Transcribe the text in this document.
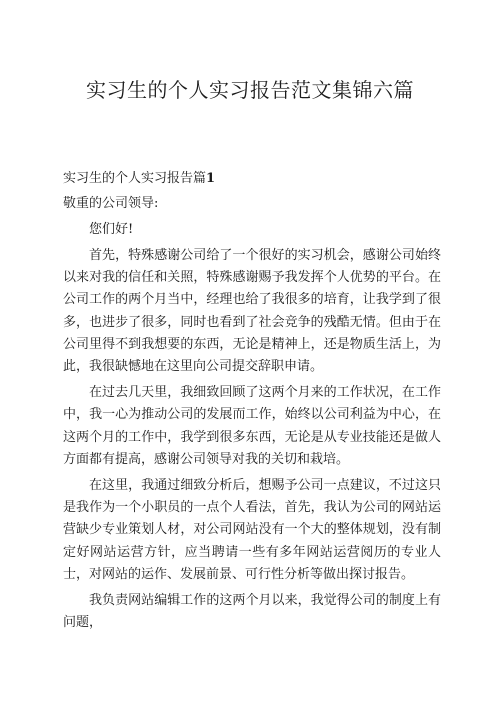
实习生的个人实习报告范文集锦六篇

实习生的个人实习报告篇1

敬重的公司领导:

您们好!

首先，特殊感谢公司给了一个很好的实习机会，感谢公司始终以来对我的信任和关照，特殊感谢赐予我发挥个人优势的平台。在公司工作的两个月当中，经理也给了我很多的培育，让我学到了很多，也进步了很多，同时也看到了社会竞争的残酷无情。但由于在公司里得不到我想要的东西，无论是精神上，还是物质生活上，为此，我很缺憾地在这里向公司提交辞职申请。

在过去几天里，我细致回顾了这两个月来的工作状况，在工作中，我一心为推动公司的发展而工作，始终以公司利益为中心，在这两个月的工作中，我学到很多东西，无论是从专业技能还是做人方面都有提高，感谢公司领导对我的关切和栽培。

在这里，我通过细致分析后，想赐予公司一点建议，不过这只是我作为一个小职员的一点个人看法，首先，我认为公司的网站运营缺少专业策划人材，对公司网站没有一个大的整体规划，没有制定好网站运营方针，应当聘请一些有多年网站运营阅历的专业人士，对网站的运作、发展前景、可行性分析等做出探讨报告。

我负责网站编辑工作的这两个月以来，我觉得公司的制度上有问题，
